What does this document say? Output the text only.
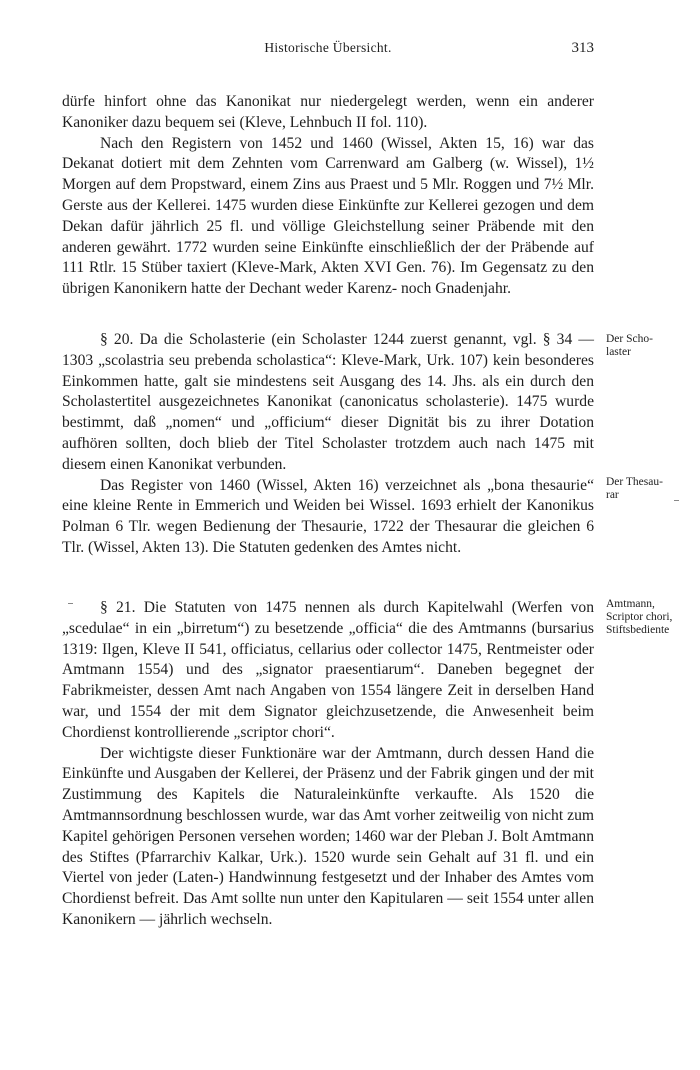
Historische Übersicht.	313

dürfe hinfort ohne das Kanonikat nur niedergelegt werden, wenn ein anderer Kanoniker dazu bequem sei (Kleve, Lehnbuch II fol. 110).

Nach den Registern von 1452 und 1460 (Wissel, Akten 15, 16) war das Dekanat dotiert mit dem Zehnten vom Carrenward am Galberg (w. Wissel), 1½ Morgen auf dem Propstward, einem Zins aus Praest und 5 Mlr. Roggen und 7½ Mlr. Gerste aus der Kellerei. 1475 wurden diese Einkünfte zur Kellerei gezogen und dem Dekan dafür jährlich 25 fl. und völlige Gleichstellung seiner Präbende mit den anderen gewährt. 1772 wurden seine Einkünfte einschließlich der der Präbende auf 111 Rtlr. 15 Stüber taxiert (Kleve-Mark, Akten XVI Gen. 76). Im Gegensatz zu den übrigen Kanonikern hatte der Dechant weder Karenz- noch Gnadenjahr.

§ 20. Da die Scholasterie (ein Scholaster 1244 zuerst genannt, vgl. § 34 — 1303 „scolastria seu prebenda scholastica“: Kleve-Mark, Urk. 107) kein besonderes Einkommen hatte, galt sie mindestens seit Ausgang des 14. Jhs. als ein durch den Scholastertitel ausgezeichnetes Kanonikat (canonicatus scholasterie). 1475 wurde bestimmt, daß „nomen“ und „officium“ dieser Dignität bis zu ihrer Dotation aufhören sollten, doch blieb der Titel Scholaster trotzdem auch nach 1475 mit diesem einen Kanonikat verbunden.

Das Register von 1460 (Wissel, Akten 16) verzeichnet als „bona thesaurie“ eine kleine Rente in Emmerich und Weiden bei Wissel. 1693 erhielt der Kanonikus Polman 6 Tlr. wegen Bedienung der Thesaurie, 1722 der Thesaurar die gleichen 6 Tlr. (Wissel, Akten 13). Die Statuten gedenken des Amtes nicht.

§ 21. Die Statuten von 1475 nennen als durch Kapitelwahl (Werfen von „scedulae“ in ein „birretum“) zu besetzende „officia“ die des Amtmanns (bursarius 1319: Ilgen, Kleve II 541, officiatus, cellarius oder collector 1475, Rentmeister oder Amtmann 1554) und des „signator praesentiarum“. Daneben begegnet der Fabrikmeister, dessen Amt nach Angaben von 1554 längere Zeit in derselben Hand war, und 1554 der mit dem Signator gleichzusetzende, die Anwesenheit beim Chordienst kontrollierende „scriptor chori“.

Der wichtigste dieser Funktionäre war der Amtmann, durch dessen Hand die Einkünfte und Ausgaben der Kellerei, der Präsenz und der Fabrik gingen und der mit Zustimmung des Kapitels die Naturaleinkünfte verkaufte. Als 1520 die Amtmannsordnung beschlossen wurde, war das Amt vorher zeitweilig von nicht zum Kapitel gehörigen Personen versehen worden; 1460 war der Pleban J. Bolt Amtmann des Stiftes (Pfarrarchiv Kalkar, Urk.). 1520 wurde sein Gehalt auf 31 fl. und ein Viertel von jeder (Laten-) Handwinnung festgesetzt und der Inhaber des Amtes vom Chordienst befreit. Das Amt sollte nun unter den Kapitularen — seit 1554 unter allen Kanonikern — jährlich wechseln.

Der Scho-
laster
Der Thesau-
rar
Amtmann,
Scriptor chori,
Stiftsbediente
